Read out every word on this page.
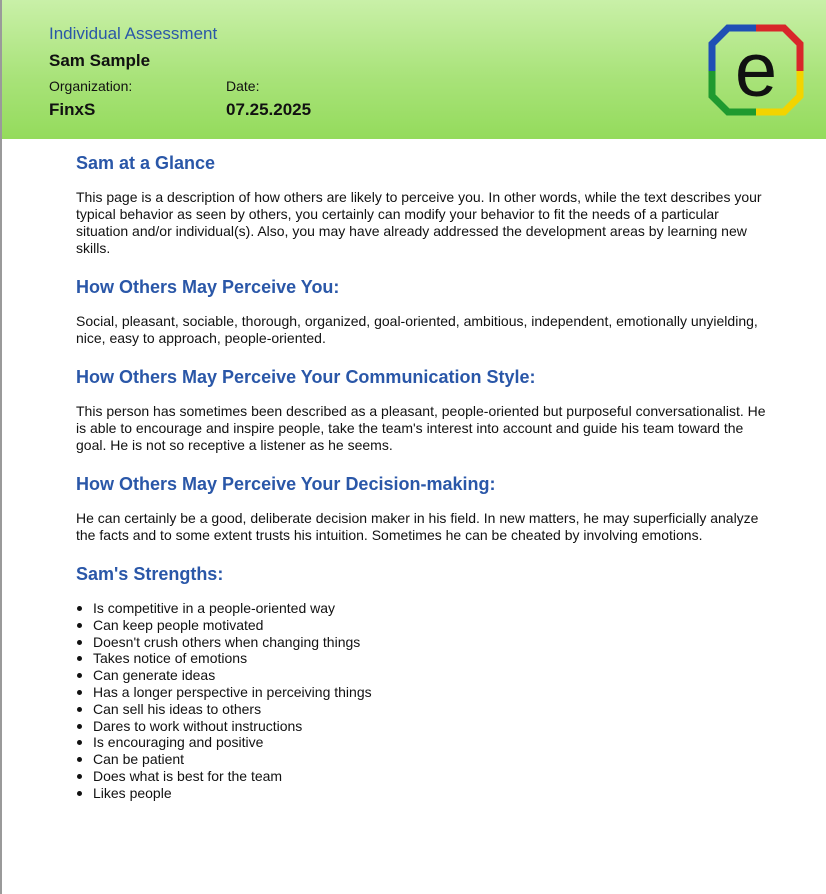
Individual Assessment
Sam Sample
Organization:
FinxS
Date:
07.25.2025	e
Sam at a Glance

This page is a description of how others are likely to perceive you. In other words, while the text describes your typical behavior as seen by others, you certainly can modify your behavior to fit the needs of a particular situation and/or individual(s). Also, you may have already addressed the development areas by learning new skills.

How Others May Perceive You:

Social, pleasant, sociable, thorough, organized, goal-oriented, ambitious, independent, emotionally unyielding, nice, easy to approach, people-oriented.

How Others May Perceive Your Communication Style:

This person has sometimes been described as a pleasant, people-oriented but purposeful conversationalist. He is able to encourage and inspire people, take the team's interest into account and guide his team toward the goal. He is not so receptive a listener as he seems.

How Others May Perceive Your Decision-making:

He can certainly be a good, deliberate decision maker in his field. In new matters, he may superficially analyze the facts and to some extent trusts his intuition. Sometimes he can be cheated by involving emotions.

Sam's Strengths:
Is competitive in a people-oriented way
Can keep people motivated
Doesn't crush others when changing things
Takes notice of emotions
Can generate ideas
Has a longer perspective in perceiving things
Can sell his ideas to others
Dares to work without instructions
Is encouraging and positive
Can be patient
Does what is best for the team
Likes people
